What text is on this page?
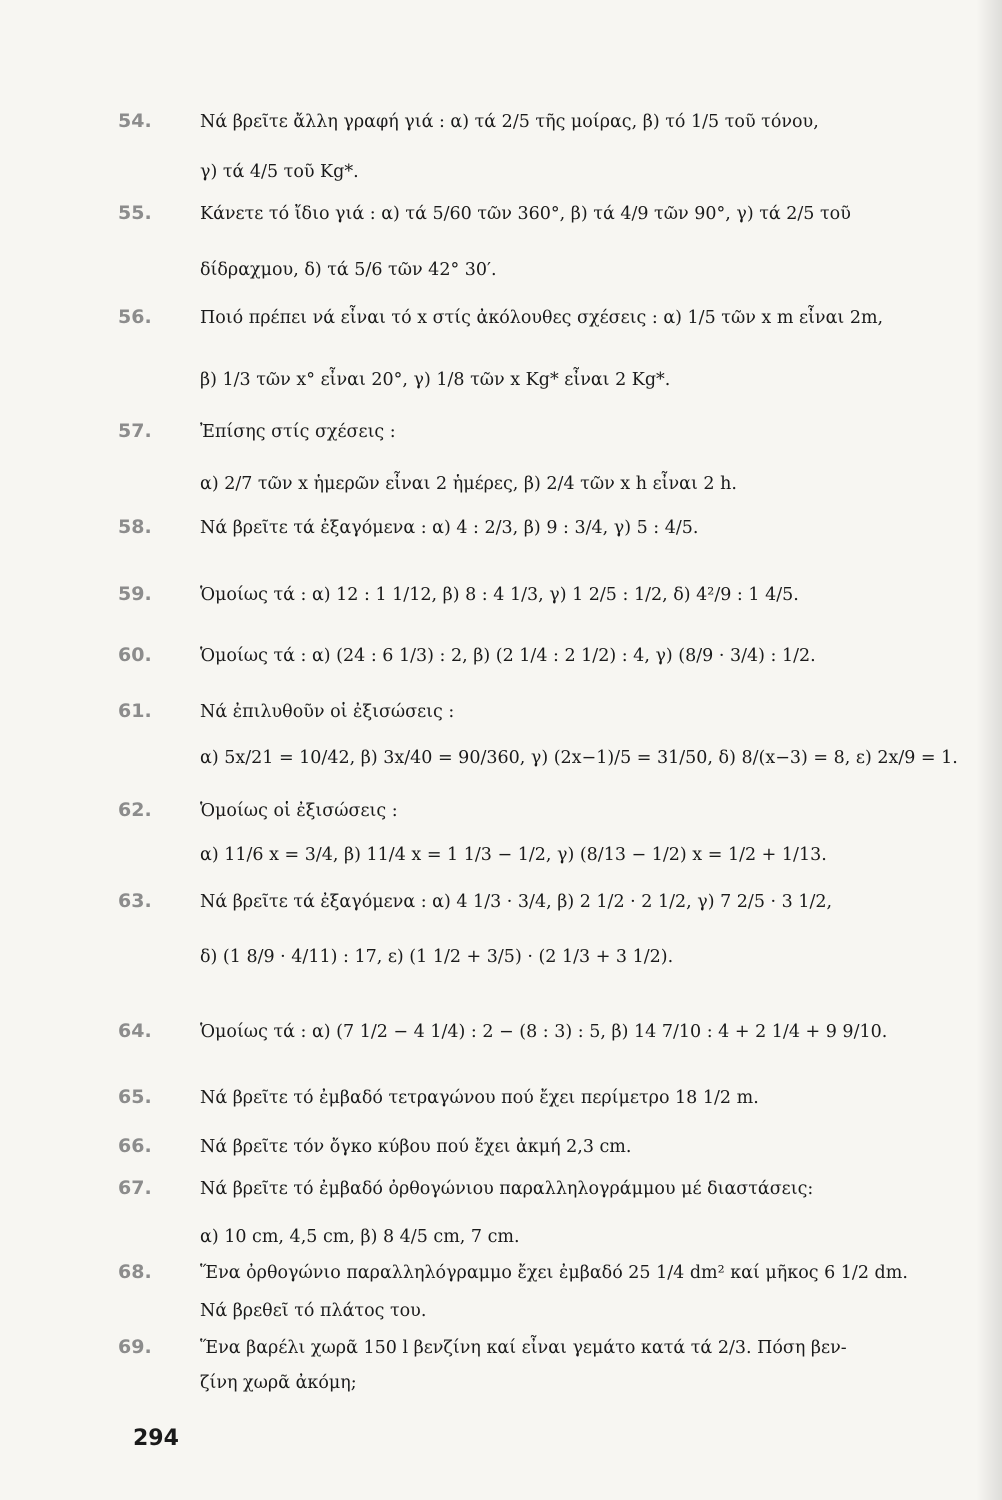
54.	Νά βρεῖτε ἄλλη γραφή γιά : α) τά 2/5 τῆς μοίρας, β) τό 1/5 τοῦ τόνου,
γ) τά 4/5 τοῦ Kg*.
55.	Κάνετε τό ἴδιο γιά : α) τά 5/60 τῶν 360°, β) τά 4/9 τῶν 90°, γ) τά 2/5 τοῦ
δίδραχμου, δ) τά 5/6 τῶν 42° 30′.
56.	Ποιό πρέπει νά εἶναι τό x στίς ἀκόλουθες σχέσεις : α) 1/5 τῶν x m εἶναι 2m,
β) 1/3 τῶν x° εἶναι 20°, γ) 1/8 τῶν x Kg* εἶναι 2 Kg*.
57.	Ἐπίσης στίς σχέσεις :
α) 2/7 τῶν x ἡμερῶν εἶναι 2 ἡμέρες, β) 2/4 τῶν x h εἶναι 2 h.
58.	Νά βρεῖτε τά ἐξαγόμενα : α) 4 : 2/3, β) 9 : 3/4, γ) 5 : 4/5.
59.	Ὁμοίως τά : α) 12 : 1 1/12, β) 8 : 4 1/3, γ) 1 2/5 : 1/2, δ) 4²/9 : 1 4/5.
60.	Ὁμοίως τά : α) (24 : 6 1/3) : 2, β) (2 1/4 : 2 1/2) : 4, γ) (8/9 · 3/4) : 1/2.
61.	Νά ἐπιλυθοῦν οἱ ἐξισώσεις :
α) 5x/21 = 10/42, β) 3x/40 = 90/360, γ) (2x−1)/5 = 31/50, δ) 8/(x−3) = 8, ε) 2x/9 = 1.
62.	Ὁμοίως οἱ ἐξισώσεις :
α) 11/6 x = 3/4, β) 11/4 x = 1 1/3 − 1/2, γ) (8/13 − 1/2) x = 1/2 + 1/13.
63.	Νά βρεῖτε τά ἐξαγόμενα : α) 4 1/3 · 3/4, β) 2 1/2 · 2 1/2, γ) 7 2/5 · 3 1/2,
δ) (1 8/9 · 4/11) : 17, ε) (1 1/2 + 3/5) · (2 1/3 + 3 1/2).
64.	Ὁμοίως τά : α) (7 1/2 − 4 1/4) : 2 − (8 : 3) : 5, β) 14 7/10 : 4 + 2 1/4 + 9 9/10.
65.	Νά βρεῖτε τό ἐμβαδό τετραγώνου πού ἔχει περίμετρο 18 1/2 m.
66.	Νά βρεῖτε τόν ὄγκο κύβου πού ἔχει ἀκμή 2,3 cm.
67.	Νά βρεῖτε τό ἐμβαδό ὀρθογώνιου παραλληλογράμμου μέ διαστάσεις:
α) 10 cm, 4,5 cm, β) 8 4/5 cm, 7 cm.
68.	Ἕνα ὀρθογώνιο παραλληλόγραμμο ἔχει ἐμβαδό 25 1/4 dm² καί μῆκος 6 1/2 dm.
Νά βρεθεῖ τό πλάτος του.
69.	Ἕνα βαρέλι χωρᾶ 150 l βενζίνη καί εἶναι γεμάτο κατά τά 2/3. Πόση βεν-
ζίνη χωρᾶ ἀκόμη;
294
